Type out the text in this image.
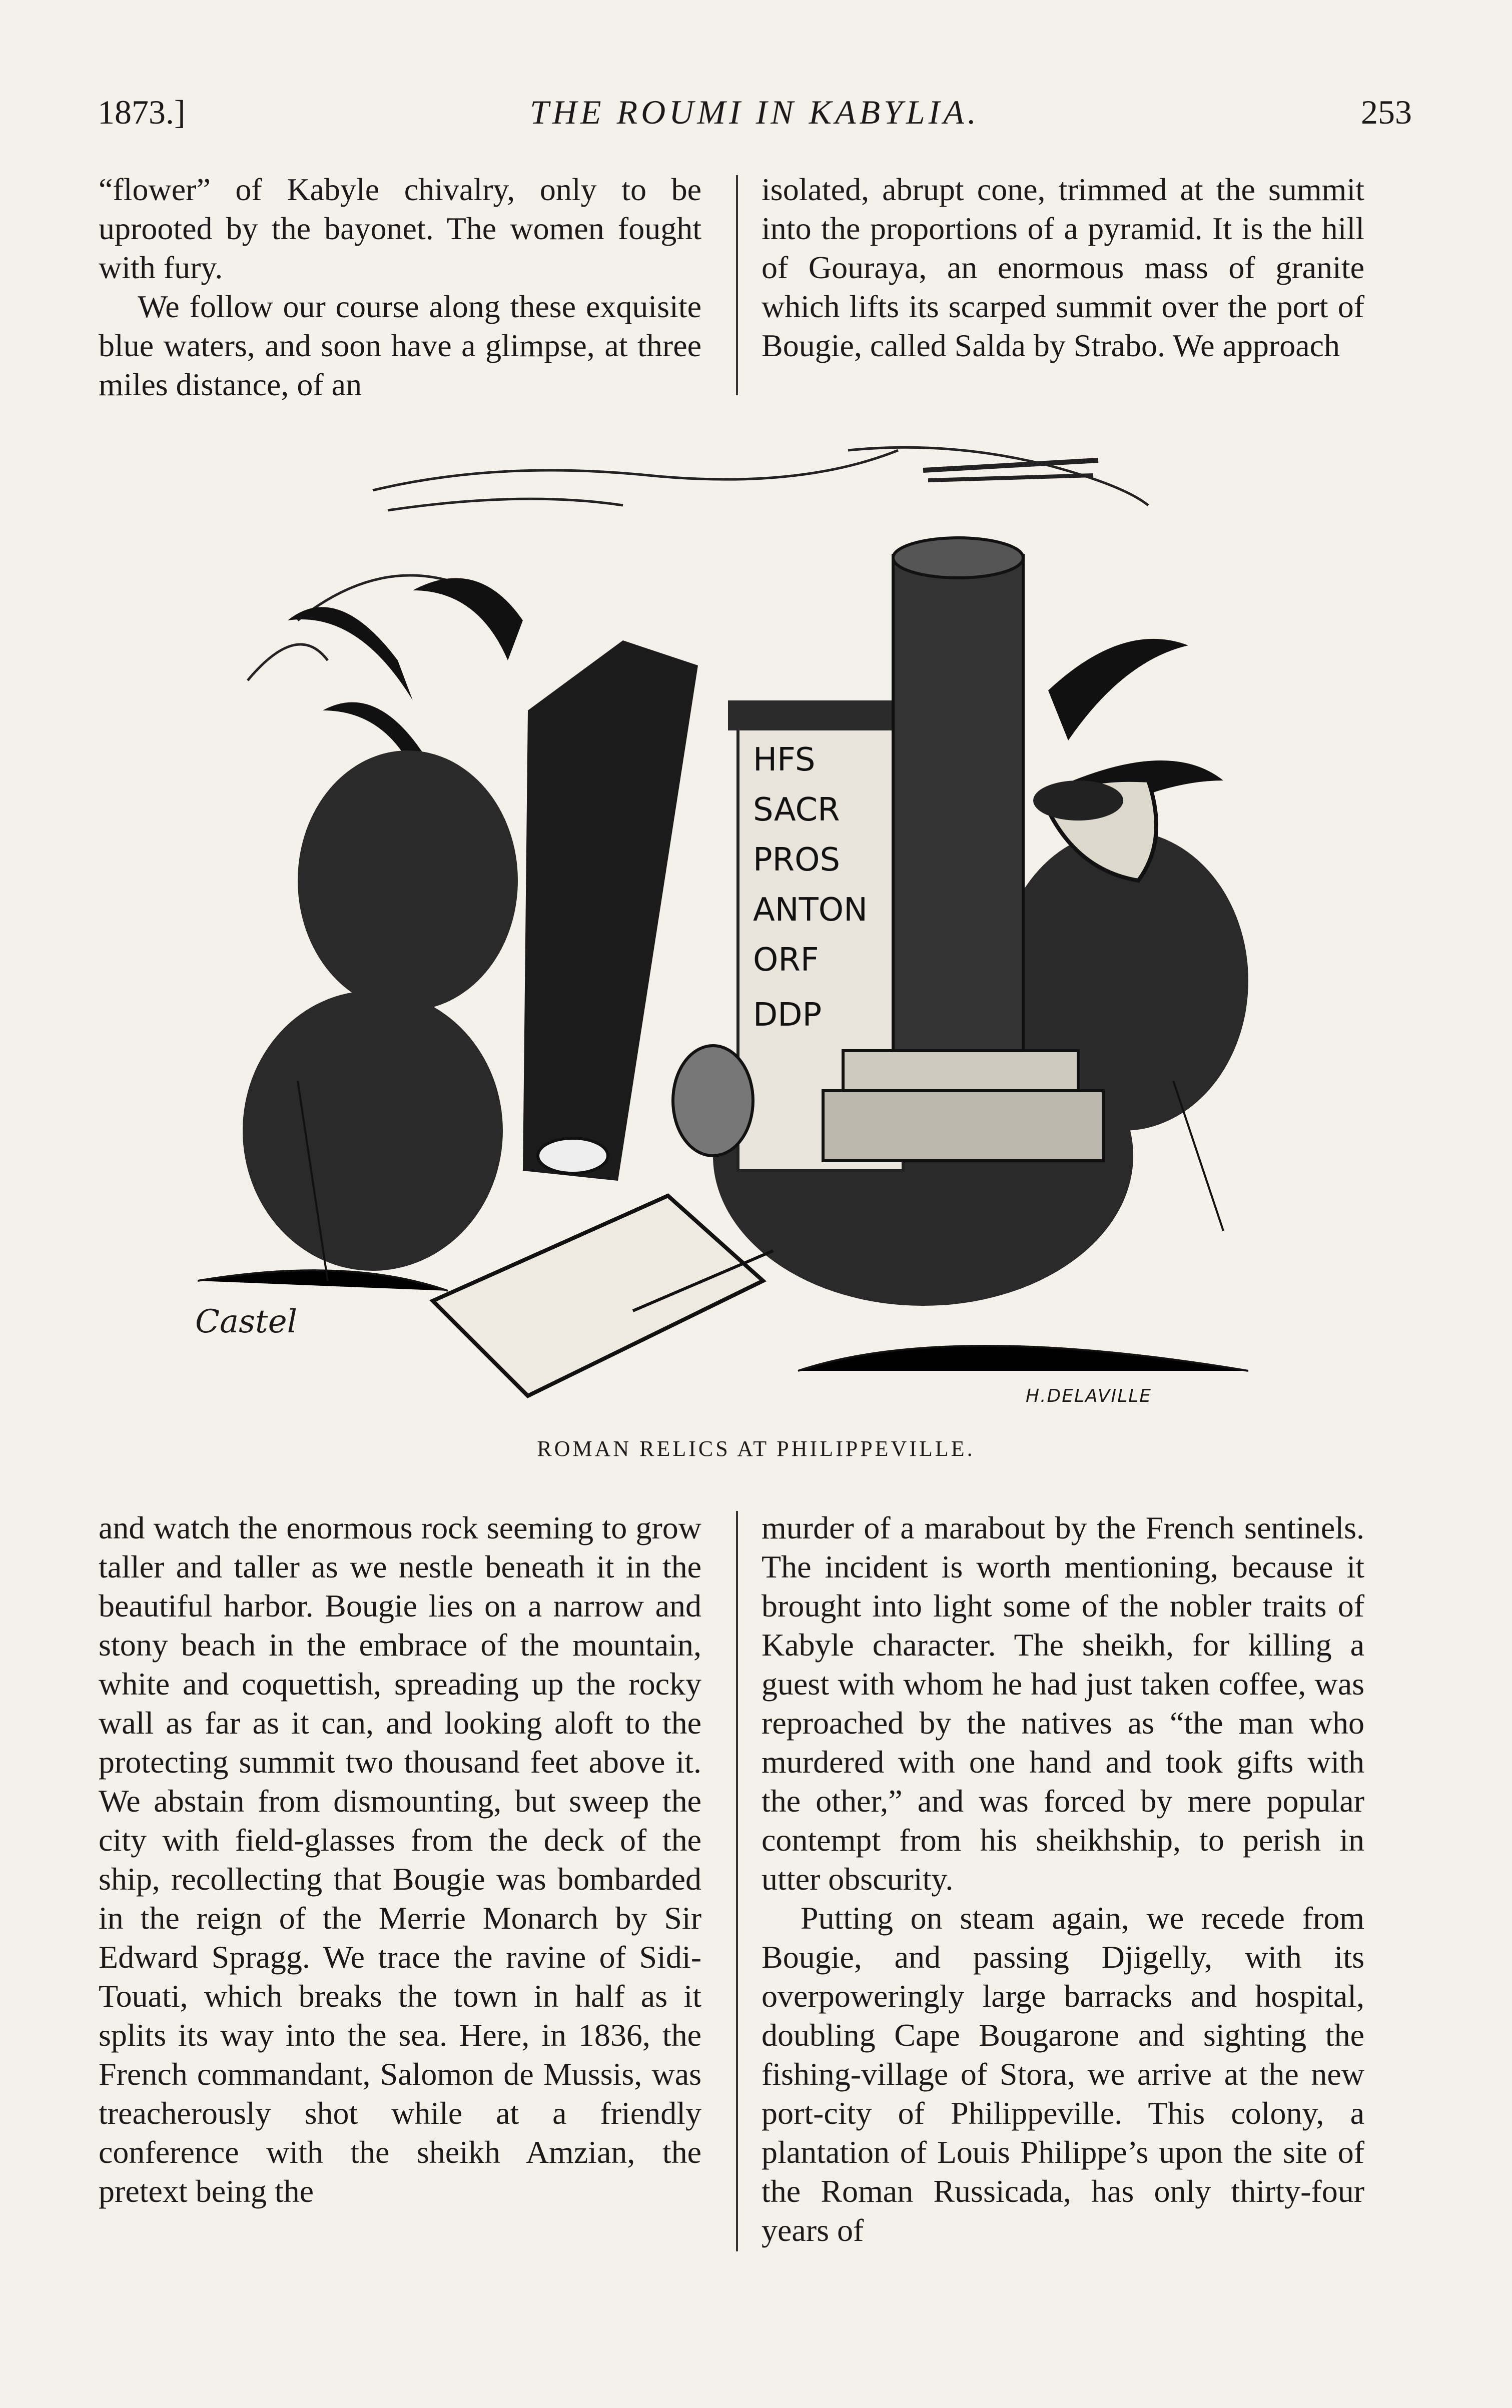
1873.]	THE ROUMI IN KABYLIA.	253

“flower” of Kabyle chivalry, only to be uprooted by the bayonet. The women fought with fury.

We follow our course along these exquisite blue waters, and soon have a glimpse, at three miles distance, of an

isolated, abrupt cone, trimmed at the summit into the proportions of a pyramid. It is the hill of Gouraya, an enormous mass of granite which lifts its scarped summit over the port of Bougie, called Salda by Strabo. We approach

HFS
SACR
PROS
ANTON
ORF
DDP
Castel
H.DELAVILLE
ROMAN RELICS AT PHILIPPEVILLE.

and watch the enormous rock seeming to grow taller and taller as we nestle beneath it in the beautiful harbor. Bougie lies on a narrow and stony beach in the embrace of the mountain, white and coquettish, spreading up the rocky wall as far as it can, and looking aloft to the protecting summit two thousand feet above it. We abstain from dismounting, but sweep the city with field-glasses from the deck of the ship, recollecting that Bougie was bombarded in the reign of the Merrie Monarch by Sir Edward Spragg. We trace the ravine of Sidi-Touati, which breaks the town in half as it splits its way into the sea. Here, in 1836, the French commandant, Salomon de Mussis, was treacherously shot while at a friendly conference with the sheikh Amzian, the pretext being the

murder of a marabout by the French sentinels. The incident is worth mentioning, because it brought into light some of the nobler traits of Kabyle character. The sheikh, for killing a guest with whom he had just taken coffee, was reproached by the natives as “the man who murdered with one hand and took gifts with the other,” and was forced by mere popular contempt from his sheikhship, to perish in utter obscurity.

Putting on steam again, we recede from Bougie, and passing Djigelly, with its overpoweringly large barracks and hospital, doubling Cape Bougarone and sighting the fishing-village of Stora, we arrive at the new port-city of Philippeville. This colony, a plantation of Louis Philippe’s upon the site of the Roman Russicada, has only thirty-four years of
